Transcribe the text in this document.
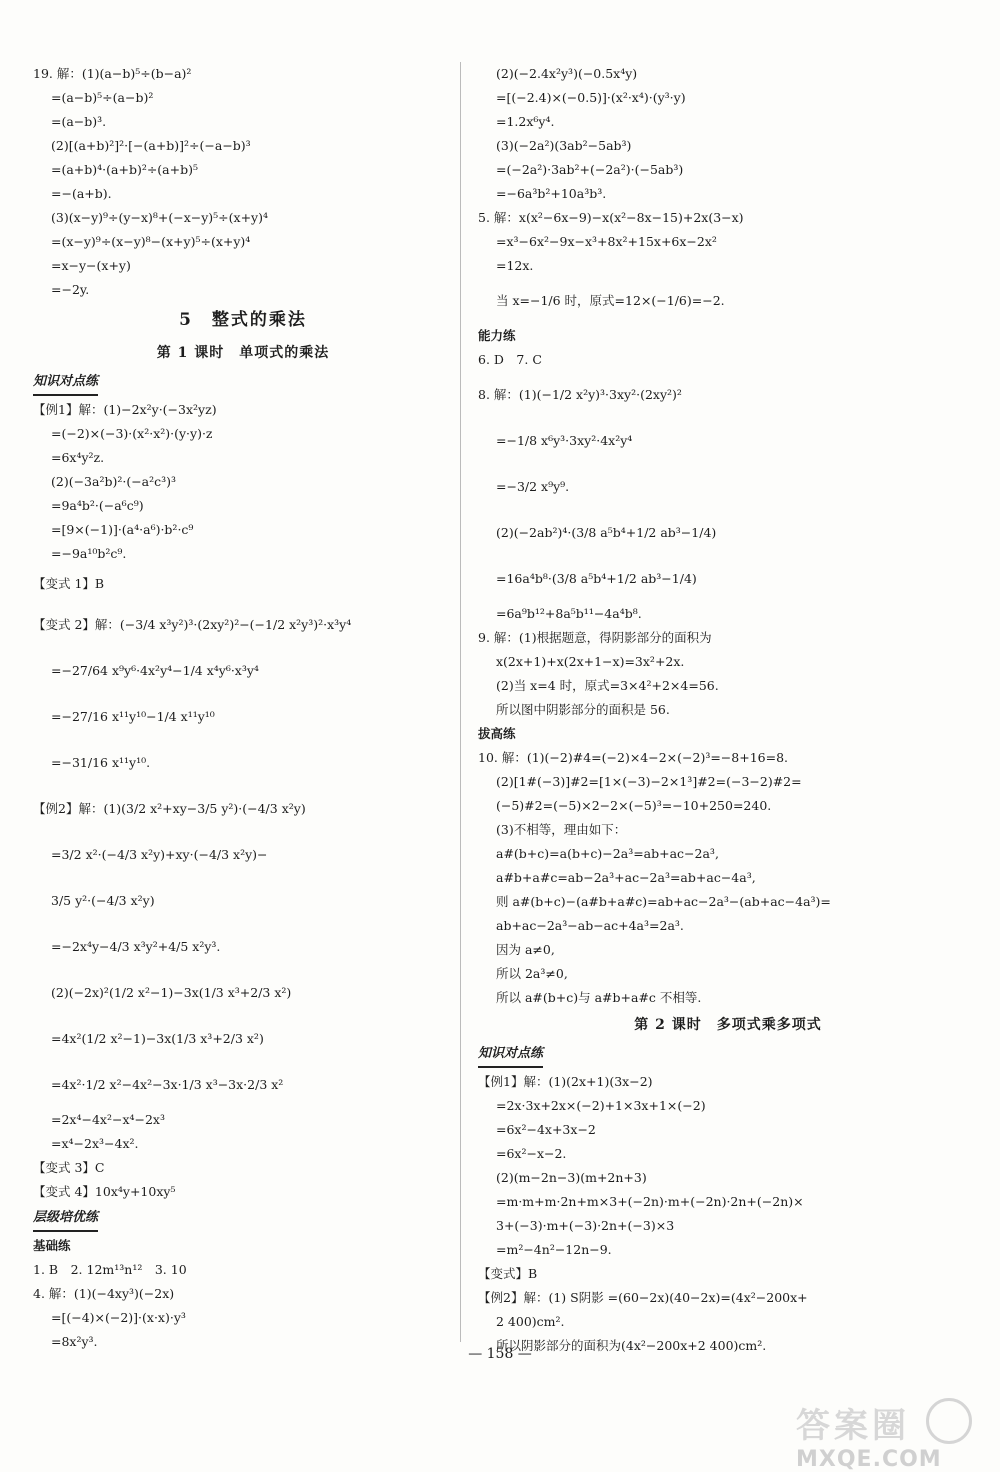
19. 解：(1)(a−b)⁵÷(b−a)²
=(a−b)⁵÷(a−b)²
=(a−b)³.
(2)[(a+b)²]²·[−(a+b)]²÷(−a−b)³
=(a+b)⁴·(a+b)²÷(a+b)⁵
=−(a+b).
(3)(x−y)⁹÷(y−x)⁸+(−x−y)⁵÷(x+y)⁴
=(x−y)⁹÷(x−y)⁸−(x+y)⁵÷(x+y)⁴
=x−y−(x+y)
=−2y.
5　整式的乘法
第 1 课时　单项式的乘法
知识对点练
【例1】解：(1)−2x²y·(−3x²yz)
=(−2)×(−3)·(x²·x²)·(y·y)·z
=6x⁴y²z.
(2)(−3a²b)²·(−a²c³)³
=9a⁴b²·(−a⁶c⁹)
=[9×(−1)]·(a⁴·a⁶)·b²·c⁹
=−9a¹⁰b²c⁹.
【变式 1】B
【变式 2】解：(−3/4 x³y²)³·(2xy²)²−(−1/2 x²y³)²·x³y⁴
=−27/64 x⁹y⁶·4x²y⁴−1/4 x⁴y⁶·x³y⁴
=−27/16 x¹¹y¹⁰−1/4 x¹¹y¹⁰
=−31/16 x¹¹y¹⁰.
【例2】解：(1)(3/2 x²+xy−3/5 y²)·(−4/3 x²y)
=3/2 x²·(−4/3 x²y)+xy·(−4/3 x²y)−
3/5 y²·(−4/3 x²y)
=−2x⁴y−4/3 x³y²+4/5 x²y³.
(2)(−2x)²(1/2 x²−1)−3x(1/3 x³+2/3 x²)
=4x²(1/2 x²−1)−3x(1/3 x³+2/3 x²)
=4x²·1/2 x²−4x²−3x·1/3 x³−3x·2/3 x²
=2x⁴−4x²−x⁴−2x³
=x⁴−2x³−4x².
【变式 3】C
【变式 4】10x⁴y+10xy⁵
层级培优练
基础练
1. B　2. 12m¹³n¹²　3. 10
4. 解：(1)(−4xy³)(−2x)
=[(−4)×(−2)]·(x·x)·y³
=8x²y³.
(2)(−2.4x²y³)(−0.5x⁴y)
=[(−2.4)×(−0.5)]·(x²·x⁴)·(y³·y)
=1.2x⁶y⁴.
(3)(−2a²)(3ab²−5ab³)
=(−2a²)·3ab²+(−2a²)·(−5ab³)
=−6a³b²+10a³b³.
5. 解：x(x²−6x−9)−x(x²−8x−15)+2x(3−x)
=x³−6x²−9x−x³+8x²+15x+6x−2x²
=12x.
当 x=−1/6 时，原式=12×(−1/6)=−2.
能力练
6. D　7. C
8. 解：(1)(−1/2 x²y)³·3xy²·(2xy²)²
=−1/8 x⁶y³·3xy²·4x²y⁴
=−3/2 x⁹y⁹.
(2)(−2ab²)⁴·(3/8 a⁵b⁴+1/2 ab³−1/4)
=16a⁴b⁸·(3/8 a⁵b⁴+1/2 ab³−1/4)
=6a⁹b¹²+8a⁵b¹¹−4a⁴b⁸.
9. 解：(1)根据题意，得阴影部分的面积为
x(2x+1)+x(2x+1−x)=3x²+2x.
(2)当 x=4 时，原式=3×4²+2×4=56.
所以图中阴影部分的面积是 56.
拔高练
10. 解：(1)(−2)#4=(−2)×4−2×(−2)³=−8+16=8.
(2)[1#(−3)]#2=[1×(−3)−2×1³]#2=(−3−2)#2=
(−5)#2=(−5)×2−2×(−5)³=−10+250=240.
(3)不相等，理由如下：
a#(b+c)=a(b+c)−2a³=ab+ac−2a³,
a#b+a#c=ab−2a³+ac−2a³=ab+ac−4a³,
则 a#(b+c)−(a#b+a#c)=ab+ac−2a³−(ab+ac−4a³)=
ab+ac−2a³−ab−ac+4a³=2a³.
因为 a≠0,
所以 2a³≠0,
所以 a#(b+c)与 a#b+a#c 不相等.
第 2 课时　多项式乘多项式
知识对点练
【例1】解：(1)(2x+1)(3x−2)
=2x·3x+2x×(−2)+1×3x+1×(−2)
=6x²−4x+3x−2
=6x²−x−2.
(2)(m−2n−3)(m+2n+3)
=m·m+m·2n+m×3+(−2n)·m+(−2n)·2n+(−2n)×
3+(−3)·m+(−3)·2n+(−3)×3
=m²−4n²−12n−9.
【变式】B
【例2】解：(1) S阴影 =(60−2x)(40−2x)=(4x²−200x+
2 400)cm².
所以阴影部分的面积为(4x²−200x+2 400)cm².
— 158 —
答案圈
MXQE.COM
